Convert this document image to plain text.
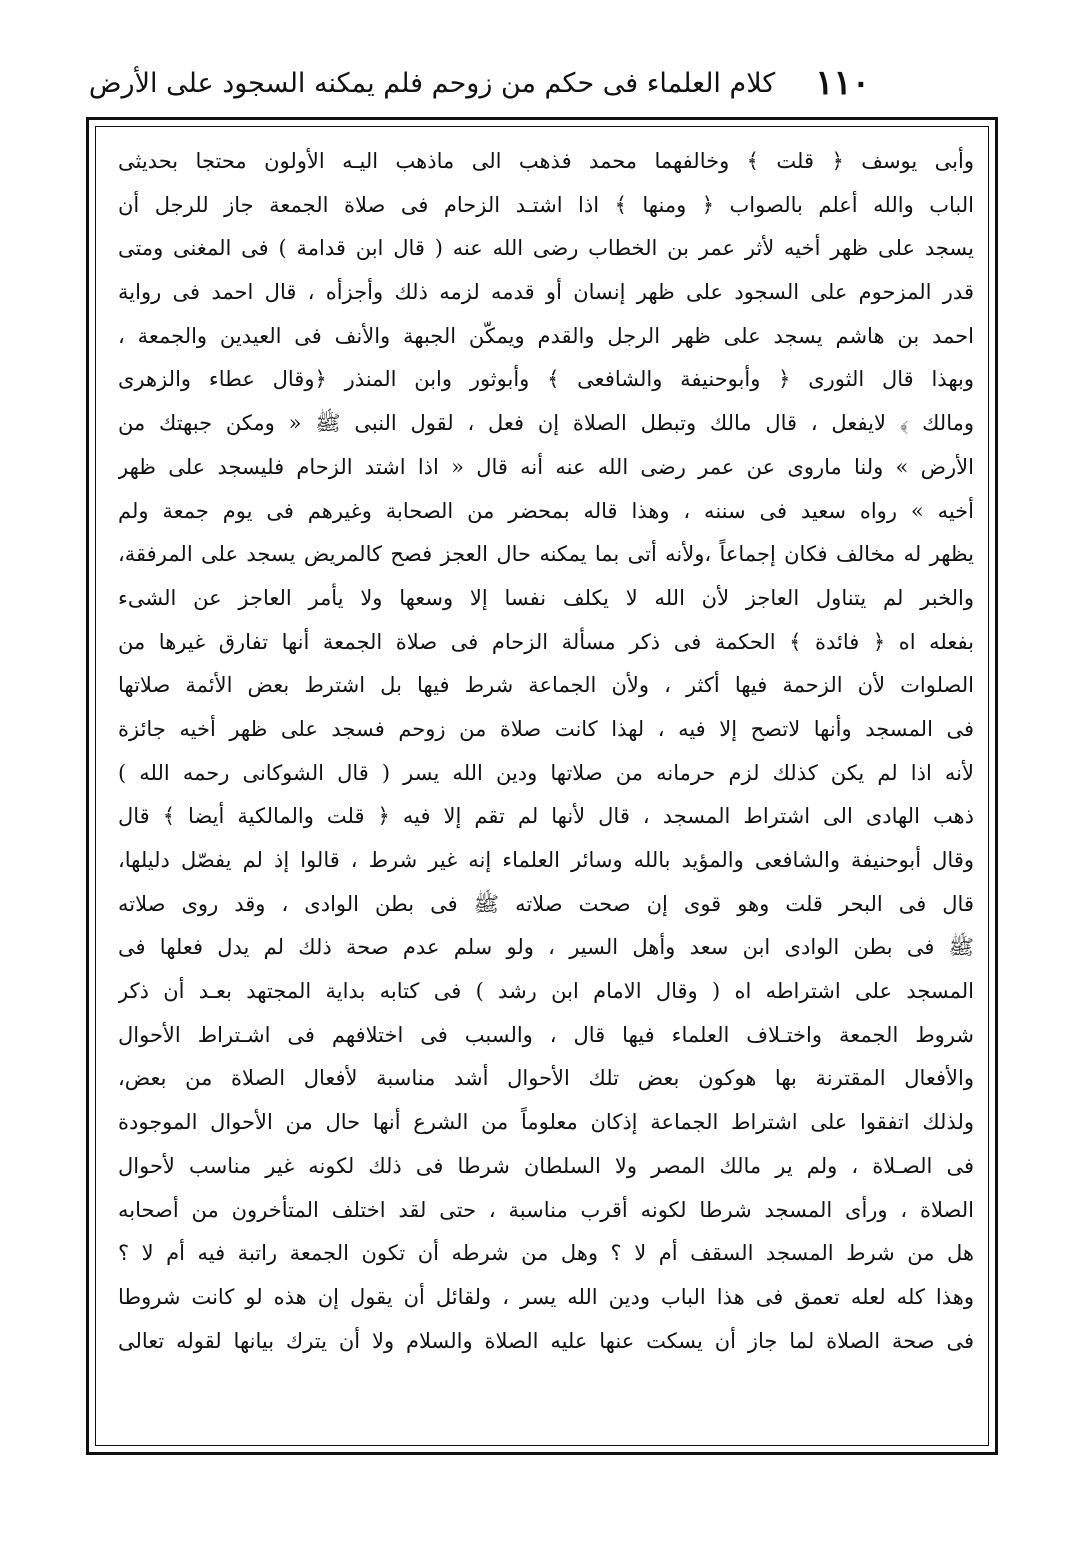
١١٠
كلام العلماء فى حكم من زوحم فلم يمكنه السجود على الأرض
وأبى يوسف ﴿ قلت ﴾ وخالفهما محمد فذهب الى ماذهب اليـه الأولون محتجا بحديثى
الباب والله أعلم بالصواب ﴿ ومنها ﴾ اذا اشتـد الزحام فى صلاة الجمعة جاز للرجل أن
يسجد على ظهر أخيه لأثر عمر بن الخطاب رضى الله عنه ( قال ابن قدامة ) فى المغنى ومتى
قدر المزحوم على السجود على ظهر إنسان أو قدمه لزمه ذلك وأجزأه ، قال احمد فى رواية
احمد بن هاشم يسجد على ظهر الرجل والقدم ويمكّن الجبهة والأنف فى العيدين والجمعة ،
وبهذا قال الثورى ﴿ وأبوحنيفة والشافعى ﴾ وأبوثور وابن المنذر ﴿وقال عطاء والزهرى
ومالك ﴾ لايفعل ، قال مالك وتبطل الصلاة إن فعل ، لقول النبى ﷺ « ومكن جبهتك من
الأرض » ولنا ماروى عن عمر رضى الله عنه أنه قال « اذا اشتد الزحام فليسجد على ظهر
أخيه » رواه سعيد فى سننه ، وهذا قاله بمحضر من الصحابة وغيرهم فى يوم جمعة ولم
يظهر له مخالف فكان إجماعاً ،ولأنه أتى بما يمكنه حال العجز فصح كالمريض يسجد على المرفقة،
والخبر لم يتناول العاجز لأن الله لا يكلف نفسا إلا وسعها ولا يأمر العاجز عن الشىء
بفعله اه ﴿ فائدة ﴾ الحكمة فى ذكر مسألة الزحام فى صلاة الجمعة أنها تفارق غيرها من
الصلوات لأن الزحمة فيها أكثر ، ولأن الجماعة شرط فيها بل اشترط بعض الأئمة صلاتها
فى المسجد وأنها لاتصح إلا فيه ، لهذا كانت صلاة من زوحم فسجد على ظهر أخيه جائزة
لأنه اذا لم يكن كذلك لزم حرمانه من صلاتها ودين الله يسر ( قال الشوكانى رحمه الله )
ذهب الهادى الى اشتراط المسجد ، قال لأنها لم تقم إلا فيه ﴿ قلت والمالكية أيضا ﴾ قال
وقال أبوحنيفة والشافعى والمؤيد بالله وسائر العلماء إنه غير شرط ، قالوا إذ لم يفصّل دليلها،
قال فى البحر قلت وهو قوى إن صحت صلاته ﷺ فى بطن الوادى ، وقد روى صلاته
ﷺ فى بطن الوادى ابن سعد وأهل السير ، ولو سلم عدم صحة ذلك لم يدل فعلها فى
المسجد على اشتراطه اه ( وقال الامام ابن رشد ) فى كتابه بداية المجتهد بعـد أن ذكر
شروط الجمعة واختـلاف العلماء فيها قال ، والسبب فى اختلافهم فى اشـتراط الأحوال
والأفعال المقترنة بها هوكون بعض تلك الأحوال أشد مناسبة لأفعال الصلاة من بعض،
ولذلك اتفقوا على اشتراط الجماعة إذكان معلوماً من الشرع أنها حال من الأحوال الموجودة
فى الصـلاة ، ولم ير مالك المصر ولا السلطان شرطا فى ذلك لكونه غير مناسب لأحوال
الصلاة ، ورأى المسجد شرطا لكونه أقرب مناسبة ، حتى لقد اختلف المتأخرون من أصحابه
هل من شرط المسجد السقف أم لا ؟ وهل من شرطه أن تكون الجمعة راتبة فيه أم لا ؟
وهذا كله لعله تعمق فى هذا الباب ودين الله يسر ، ولقائل أن يقول إن هذه لو كانت شروطا
فى صحة الصلاة لما جاز أن يسكت عنها عليه الصلاة والسلام ولا أن يترك بيانها لقوله تعالى
